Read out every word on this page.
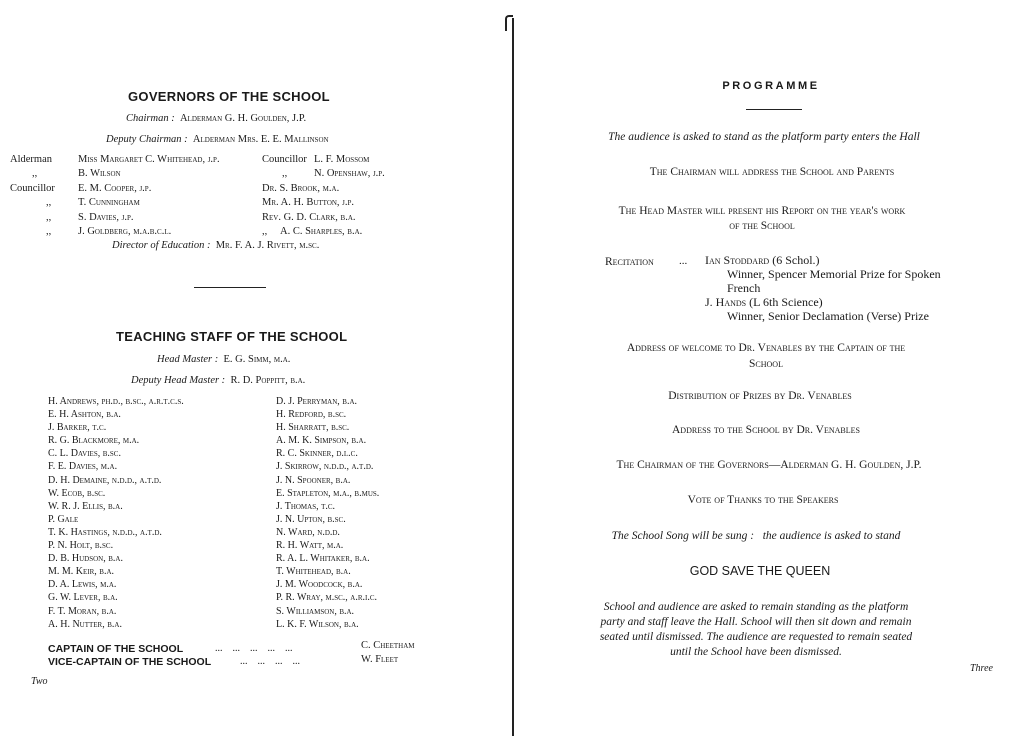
GOVERNORS OF THE SCHOOL
Chairman : Alderman G. H. Goulden, J.P.
Deputy Chairman : Alderman Mrs. E. E. Mallinson
Alderman Miss Margaret C. Whitehead, j.p.
,,	B. Wilson
Councillor E. M. Cooper, j.p.
,,	T. Cunningham
,,	S. Davies, j.p.
,,	J. Goldberg, m.a.b.c.l.
Councillor L. F. Mossom
,,	N. Openshaw, j.p.
Dr. S. Brook, m.a.
Mr. A. H. Button, j.p.
Rev. G. D. Clark, b.a.
,, A. C. Sharples, b.a.
Director of Education : Mr. F. A. J. Rivett, m.sc.
TEACHING STAFF OF THE SCHOOL
Head Master : E. G. Simm, m.a.
Deputy Head Master : R. D. Poppitt, b.a.
H. Andrews, ph.d., b.sc., a.r.t.c.s.
E. H. Ashton, b.a.
J. Barker, t.c.
R. G. Blackmore, m.a.
C. L. Davies, b.sc.
F. E. Davies, m.a.
D. H. Demaine, n.d.d., a.t.d.
W. Ecob, b.sc.
W. R. J. Ellis, b.a.
P. Gale
T. K. Hastings, n.d.d., a.t.d.
P. N. Holt, b.sc.
D. B. Hudson, b.a.
M. M. Keir, b.a.
D. A. Lewis, m.a.
G. W. Lever, b.a.
F. T. Moran, b.a.
A. H. Nutter, b.a.
D. J. Perryman, b.a.
H. Redford, b.sc.
H. Sharratt, b.sc.
A. M. K. Simpson, b.a.
R. C. Skinner, d.l.c.
J. Skirrow, n.d.d., a.t.d.
J. N. Spooner, b.a.
E. Stapleton, m.a., b.mus.
J. Thomas, t.c.
J. N. Upton, b.sc.
N. Ward, n.d.d.
R. H. Watt, m.a.
R. A. L. Whitaker, b.a.
T. Whitehead, b.a.
J. M. Woodcock, b.a.
P. R. Wray, m.sc., a.r.i.c.
S. Williamson, b.a.
L. K. F. Wilson, b.a.
CAPTAIN OF THE SCHOOL	...    ...    ...    ...    ...	C. Cheetham
VICE-CAPTAIN OF THE SCHOOL	...    ...    ...    ...	W. Fleet
Two
PROGRAMME
The audience is asked to stand as the platform party enters the Hall
The Chairman will address the School and Parents
The Head Master will present his Report on the year's work
of the School
Recitation ... Ian Stoddard (6 Schol.)
Winner, Spencer Memorial Prize for Spoken
French
J. Hands (L 6th Science)
Winner, Senior Declamation (Verse) Prize
Address of welcome to Dr. Venables by the Captain of the
School
Distribution of Prizes by Dr. Venables
Address to the School by Dr. Venables
The Chairman of the Governors—Alderman G. H. Goulden, J.P.
Vote of Thanks to the Speakers
The School Song will be sung : the audience is asked to stand
GOD SAVE THE QUEEN
School and audience are asked to remain standing as the platform
party and staff leave the Hall. School will then sit down and remain
seated until dismissed. The audience are requested to remain seated
until the School have been dismissed.
Three
